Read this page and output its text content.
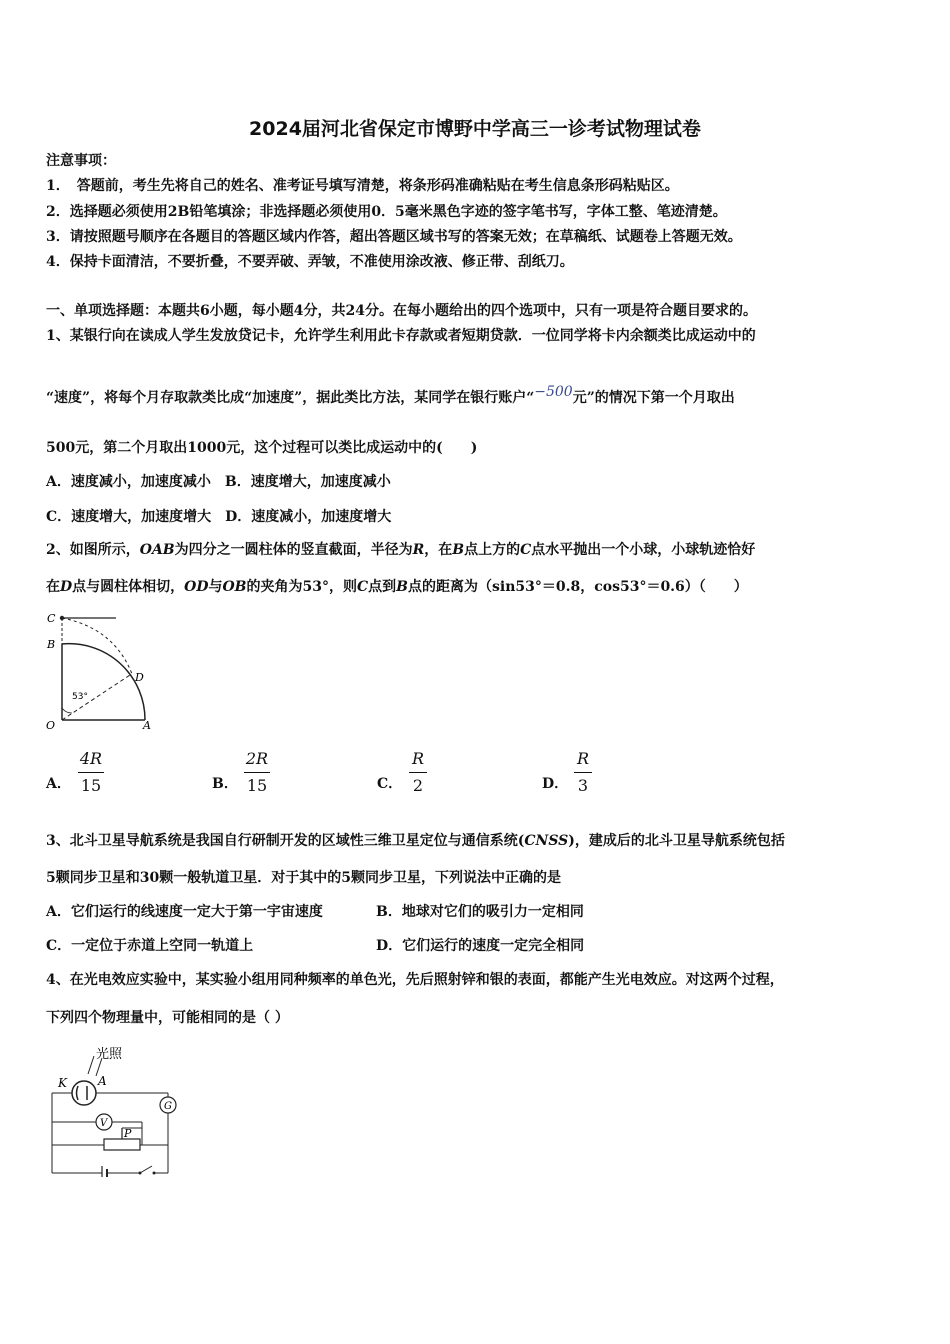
2024届河北省保定市博野中学高三一诊考试物理试卷
注意事项：
1．　答题前，考生先将自己的姓名、准考证号填写清楚，将条形码准确粘贴在考生信息条形码粘贴区。
2．选择题必须使用2B铅笔填涂；非选择题必须使用0．5毫米黑色字迹的签字笔书写，字体工整、笔迹清楚。
3．请按照题号顺序在各题目的答题区域内作答，超出答题区域书写的答案无效；在草稿纸、试题卷上答题无效。
4．保持卡面清洁，不要折叠，不要弄破、弄皱，不准使用涂改液、修正带、刮纸刀。
一、单项选择题：本题共6小题，每小题4分，共24分。在每小题给出的四个选项中，只有一项是符合题目要求的。
1、某银行向在读成人学生发放贷记卡，允许学生利用此卡存款或者短期贷款．一位同学将卡内余额类比成运动中的
“速度”，将每个月存取款类比成“加速度”，据此类比方法，某同学在银行账户“−500元”的情况下第一个月取出
500元，第二个月取出1000元，这个过程可以类比成运动中的(　　)
A．速度减小，加速度减小　B．速度增大，加速度减小
C．速度增大，加速度增大　D．速度减小，加速度增大
2、如图所示，OAB为四分之一圆柱体的竖直截面，半径为R，在B点上方的C点水平抛出一个小球，小球轨迹恰好
在D点与圆柱体相切，OD与OB的夹角为53°，则C点到B点的距离为（sin53°＝0.8，cos53°＝0.6）（　　）
C
B
D
O	A
53°
A．
4R
15	B．
2R
15	C．
R
2	D．
R
3
3、北斗卫星导航系统是我国自行研制开发的区域性三维卫星定位与通信系统(CNSS)，建成后的北斗卫星导航系统包括
5颗同步卫星和30颗一般轨道卫星．对于其中的5颗同步卫星，下列说法中正确的是
A．它们运行的线速度一定大于第一宇宙速度	B．地球对它们的吸引力一定相同
C．一定位于赤道上空同一轨道上	D．它们运行的速度一定完全相同
4、在光电效应实验中，某实验小组用同种频率的单色光，先后照射锌和银的表面，都能产生光电效应。对这两个过程，
下列四个物理量中，可能相同的是（ ）
光照
K	A
G
V
P
